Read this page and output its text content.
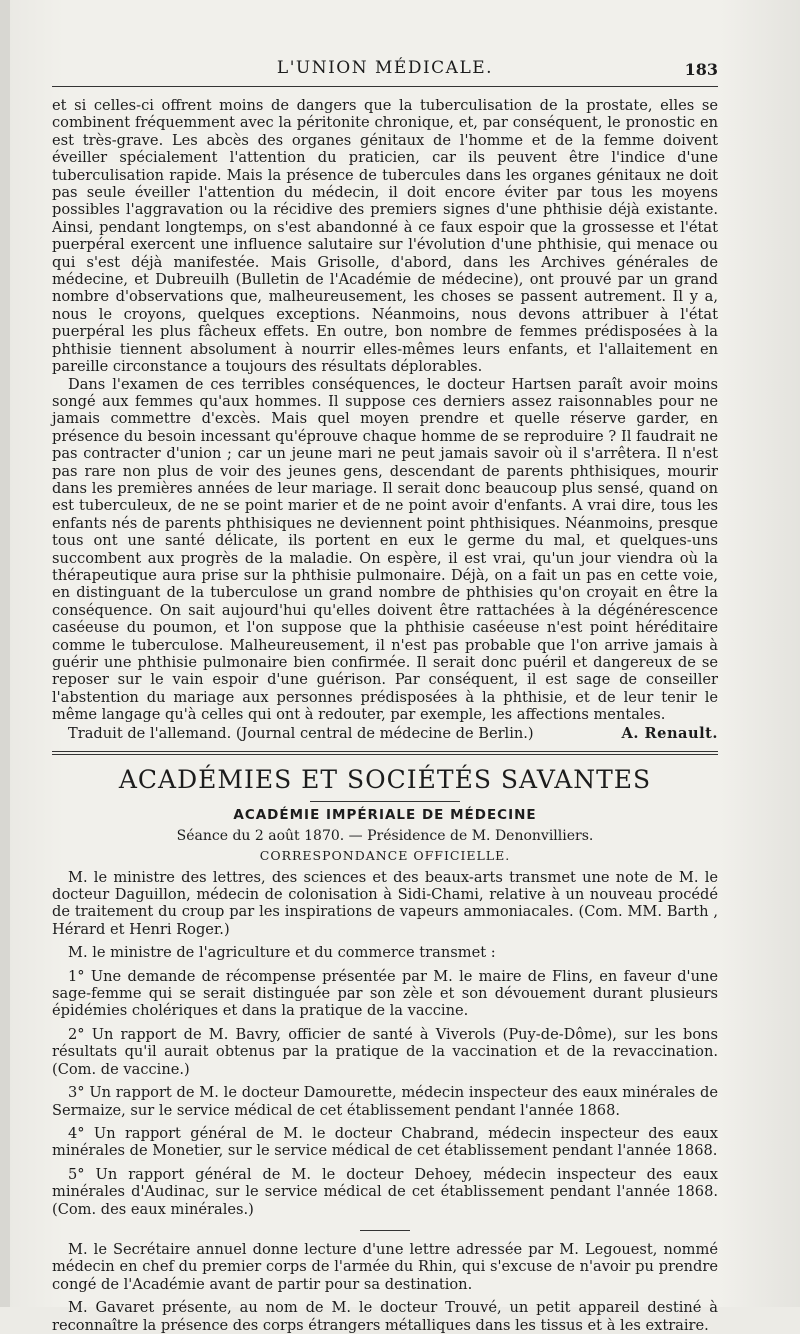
L'UNION MÉDICALE.	183

et si celles-ci offrent moins de dangers que la tuberculisation de la prostate, elles se combinent fréquemment avec la péritonite chronique, et, par conséquent, le pronostic en est très-grave. Les abcès des organes génitaux de l'homme et de la femme doivent éveiller spécialement l'attention du praticien, car ils peuvent être l'indice d'une tuberculisation rapide. Mais la présence de tubercules dans les organes génitaux ne doit pas seule éveiller l'attention du médecin, il doit encore éviter par tous les moyens possibles l'aggravation ou la récidive des premiers signes d'une phthisie déjà existante. Ainsi, pendant longtemps, on s'est abandonné à ce faux espoir que la grossesse et l'état puerpéral exercent une influence salutaire sur l'évolution d'une phthisie, qui menace ou qui s'est déjà manifestée. Mais Grisolle, d'abord, dans les Archives générales de médecine, et Dubreuilh (Bulletin de l'Académie de médecine), ont prouvé par un grand nombre d'observations que, malheureusement, les choses se passent autrement. Il y a, nous le croyons, quelques exceptions. Néanmoins, nous devons attribuer à l'état puerpéral les plus fâcheux effets. En outre, bon nombre de femmes prédisposées à la phthisie tiennent absolument à nourrir elles-mêmes leurs enfants, et l'allaitement en pareille circonstance a toujours des résultats déplorables.

Dans l'examen de ces terribles conséquences, le docteur Hartsen paraît avoir moins songé aux femmes qu'aux hommes. Il suppose ces derniers assez raisonnables pour ne jamais commettre d'excès. Mais quel moyen prendre et quelle réserve garder, en présence du besoin incessant qu'éprouve chaque homme de se reproduire ? Il faudrait ne pas contracter d'union ; car un jeune mari ne peut jamais savoir où il s'arrêtera. Il n'est pas rare non plus de voir des jeunes gens, descendant de parents phthisiques, mourir dans les premières années de leur mariage. Il serait donc beaucoup plus sensé, quand on est tuberculeux, de ne se point marier et de ne point avoir d'enfants. A vrai dire, tous les enfants nés de parents phthisiques ne deviennent point phthisiques. Néanmoins, presque tous ont une santé délicate, ils portent en eux le germe du mal, et quelques-uns succombent aux progrès de la maladie. On espère, il est vrai, qu'un jour viendra où la thérapeutique aura prise sur la phthisie pulmonaire. Déjà, on a fait un pas en cette voie, en distinguant de la tuberculose un grand nombre de phthisies qu'on croyait en être la conséquence. On sait aujourd'hui qu'elles doivent être rattachées à la dégénérescence caséeuse du poumon, et l'on suppose que la phthisie caséeuse n'est point héréditaire comme le tuberculose. Malheureusement, il n'est pas probable que l'on arrive jamais à guérir une phthisie pulmonaire bien confirmée. Il serait donc puéril et dangereux de se reposer sur le vain espoir d'une guérison. Par conséquent, il est sage de conseiller l'abstention du mariage aux personnes prédisposées à la phthisie, et de leur tenir le même langage qu'à celles qui ont à redouter, par exemple, les affections mentales.

Traduit de l'allemand. (Journal central de médecine de Berlin.)	A. Renault.
ACADÉMIES ET SOCIÉTÉS SAVANTES
ACADÉMIE IMPÉRIALE DE MÉDECINE
Séance du 2 août 1870. — Présidence de M. Denonvilliers.
CORRESPONDANCE OFFICIELLE.

M. le ministre des lettres, des sciences et des beaux-arts transmet une note de M. le docteur Daguillon, médecin de colonisation à Sidi-Chami, relative à un nouveau procédé de traitement du croup par les inspirations de vapeurs ammoniacales. (Com. MM. Barth , Hérard et Henri Roger.)

M. le ministre de l'agriculture et du commerce transmet :

1° Une demande de récompense présentée par M. le maire de Flins, en faveur d'une sage-femme qui se serait distinguée par son zèle et son dévouement durant plusieurs épidémies cholériques et dans la pratique de la vaccine.

2° Un rapport de M. Bavry, officier de santé à Viverols (Puy-de-Dôme), sur les bons résultats qu'il aurait obtenus par la pratique de la vaccination et de la revaccination. (Com. de vaccine.)

3° Un rapport de M. le docteur Damourette, médecin inspecteur des eaux minérales de Sermaize, sur le service médical de cet établissement pendant l'année 1868.

4° Un rapport général de M. le docteur Chabrand, médecin inspecteur des eaux minérales de Monetier, sur le service médical de cet établissement pendant l'année 1868.

5° Un rapport général de M. le docteur Dehoey, médecin inspecteur des eaux minérales d'Audinac, sur le service médical de cet établissement pendant l'année 1868. (Com. des eaux minérales.)

M. le Secrétaire annuel donne lecture d'une lettre adressée par M. Legouest, nommé médecin en chef du premier corps de l'armée du Rhin, qui s'excuse de n'avoir pu prendre congé de l'Académie avant de partir pour sa destination.

M. Gavaret présente, au nom de M. le docteur Trouvé, un petit appareil destiné à reconnaître la présence des corps étrangers métalliques dans les tissus et à les extraire.
